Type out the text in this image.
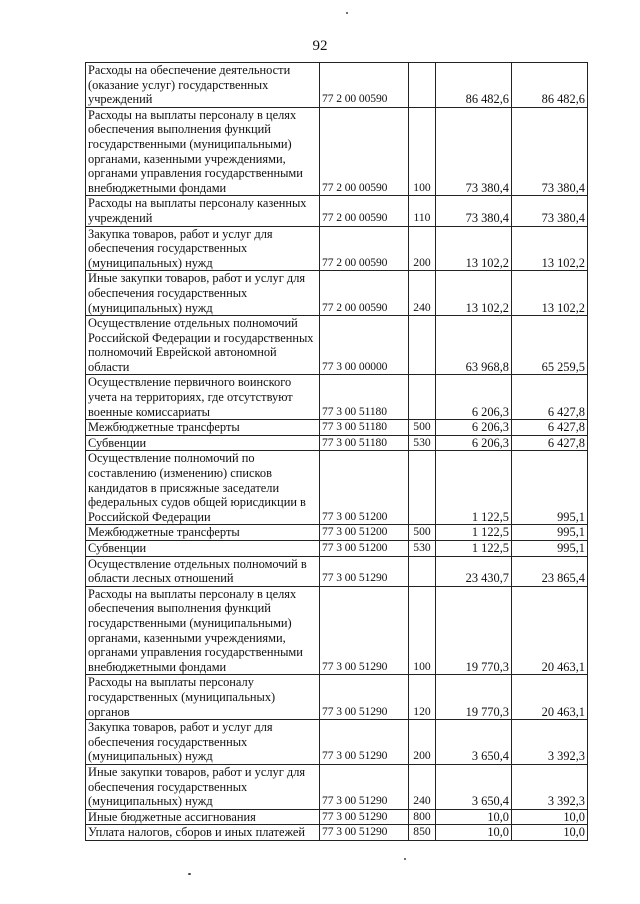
92
Расходы на обеспечение деятельности (оказание услуг) государственных учреждений	77 2 00 00590		86 482,6	86 482,6
Расходы на выплаты персоналу в целях обеспечения выполнения функций государственными (муниципальными) органами, казенными учреждениями, органами управления государственными внебюджетными фондами	77 2 00 00590	100	73 380,4	73 380,4
Расходы на выплаты персоналу казенных учреждений	77 2 00 00590	110	73 380,4	73 380,4
Закупка товаров, работ и услуг для обеспечения государственных (муниципальных) нужд	77 2 00 00590	200	13 102,2	13 102,2
Иные закупки товаров, работ и услуг для обеспечения государственных (муниципальных) нужд	77 2 00 00590	240	13 102,2	13 102,2
Осуществление отдельных полномочий Российской Федерации и государственных полномочий Еврейской автономной области	77 3 00 00000		63 968,8	65 259,5
Осуществление первичного воинского учета на территориях, где отсутствуют военные комиссариаты	77 3 00 51180		6 206,3	6 427,8
Межбюджетные трансферты	77 3 00 51180	500	6 206,3	6 427,8
Субвенции	77 3 00 51180	530	6 206,3	6 427,8
Осуществление полномочий по составлению (изменению) списков кандидатов в присяжные заседатели федеральных судов общей юрисдикции в Российской Федерации	77 3 00 51200		1 122,5	995,1
Межбюджетные трансферты	77 3 00 51200	500	1 122,5	995,1
Субвенции	77 3 00 51200	530	1 122,5	995,1
Осуществление отдельных полномочий в области лесных отношений	77 3 00 51290		23 430,7	23 865,4
Расходы на выплаты персоналу в целях обеспечения выполнения функций государственными (муниципальными) органами, казенными учреждениями, органами управления государственными внебюджетными фондами	77 3 00 51290	100	19 770,3	20 463,1
Расходы на выплаты персоналу государственных (муниципальных) органов	77 3 00 51290	120	19 770,3	20 463,1
Закупка товаров, работ и услуг для обеспечения государственных (муниципальных) нужд	77 3 00 51290	200	3 650,4	3 392,3
Иные закупки товаров, работ и услуг для обеспечения государственных (муниципальных) нужд	77 3 00 51290	240	3 650,4	3 392,3
Иные бюджетные ассигнования	77 3 00 51290	800	10,0	10,0
Уплата налогов, сборов и иных платежей	77 3 00 51290	850	10,0	10,0
